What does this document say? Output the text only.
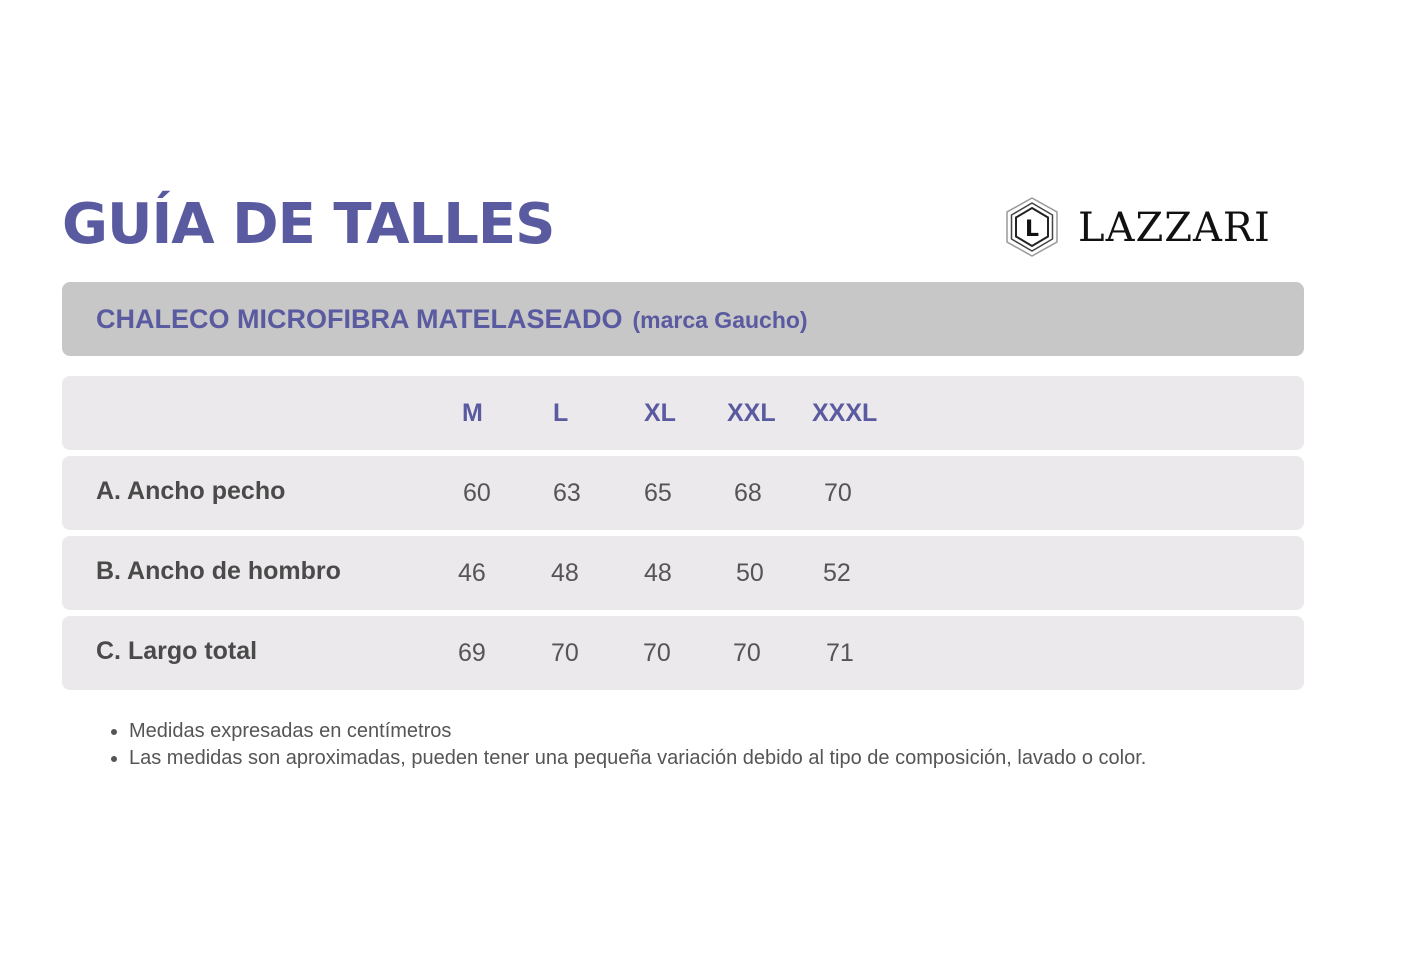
GUÍA DE TALLES	L LAZZARI
CHALECO MICROFIBRA MATELASEADO (marca Gaucho)
M	L	XL XXL XXXL
A. Ancho pecho	60 63	65 68 70
B. Ancho de hombro	46	48	48	50 52
C. Largo total	69	70	70 70	71
• Medidas expresadas en centímetros
• Las medidas son aproximadas, pueden tener una pequeña variación debido al tipo de composición, lavado o color.
